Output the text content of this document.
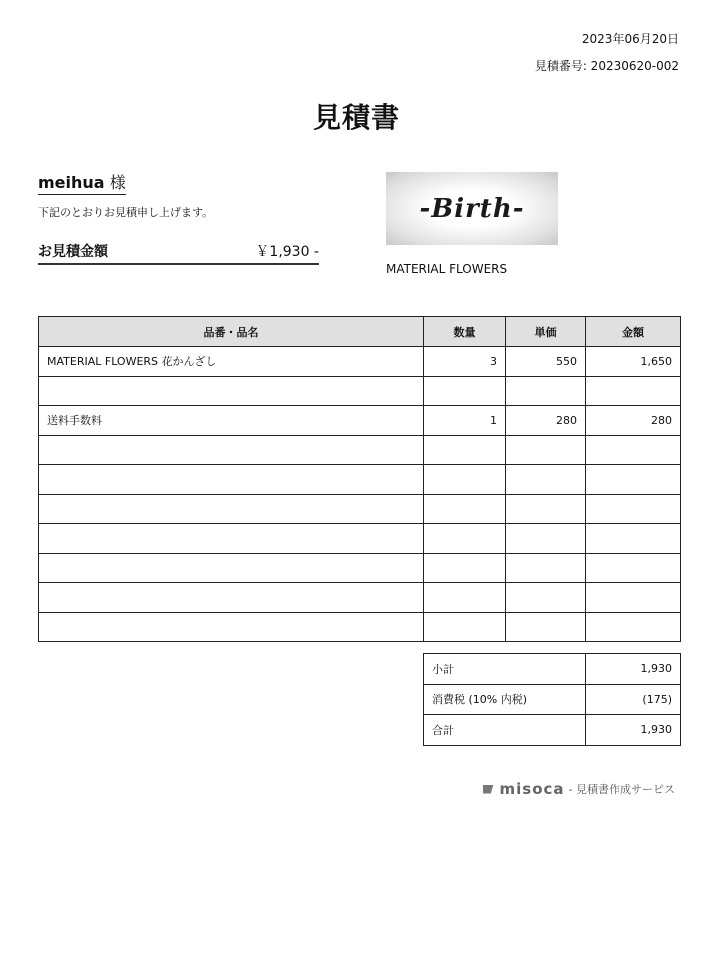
2023年06月20日
見積番号: 20230620-002
見積書
meihua 様
下記のとおりお見積申し上げます。
お見積金額	￥1,930 -
-Birth-
MATERIAL FLOWERS
品番・品名	数量	単価	金額
MATERIAL FLOWERS 花かんざし	3	550	1,650

送料手数料	1	280	280

小計	1,930
消費税 (10% 内税)	(175)
合計	1,930
misoca - 見積書作成サービス
